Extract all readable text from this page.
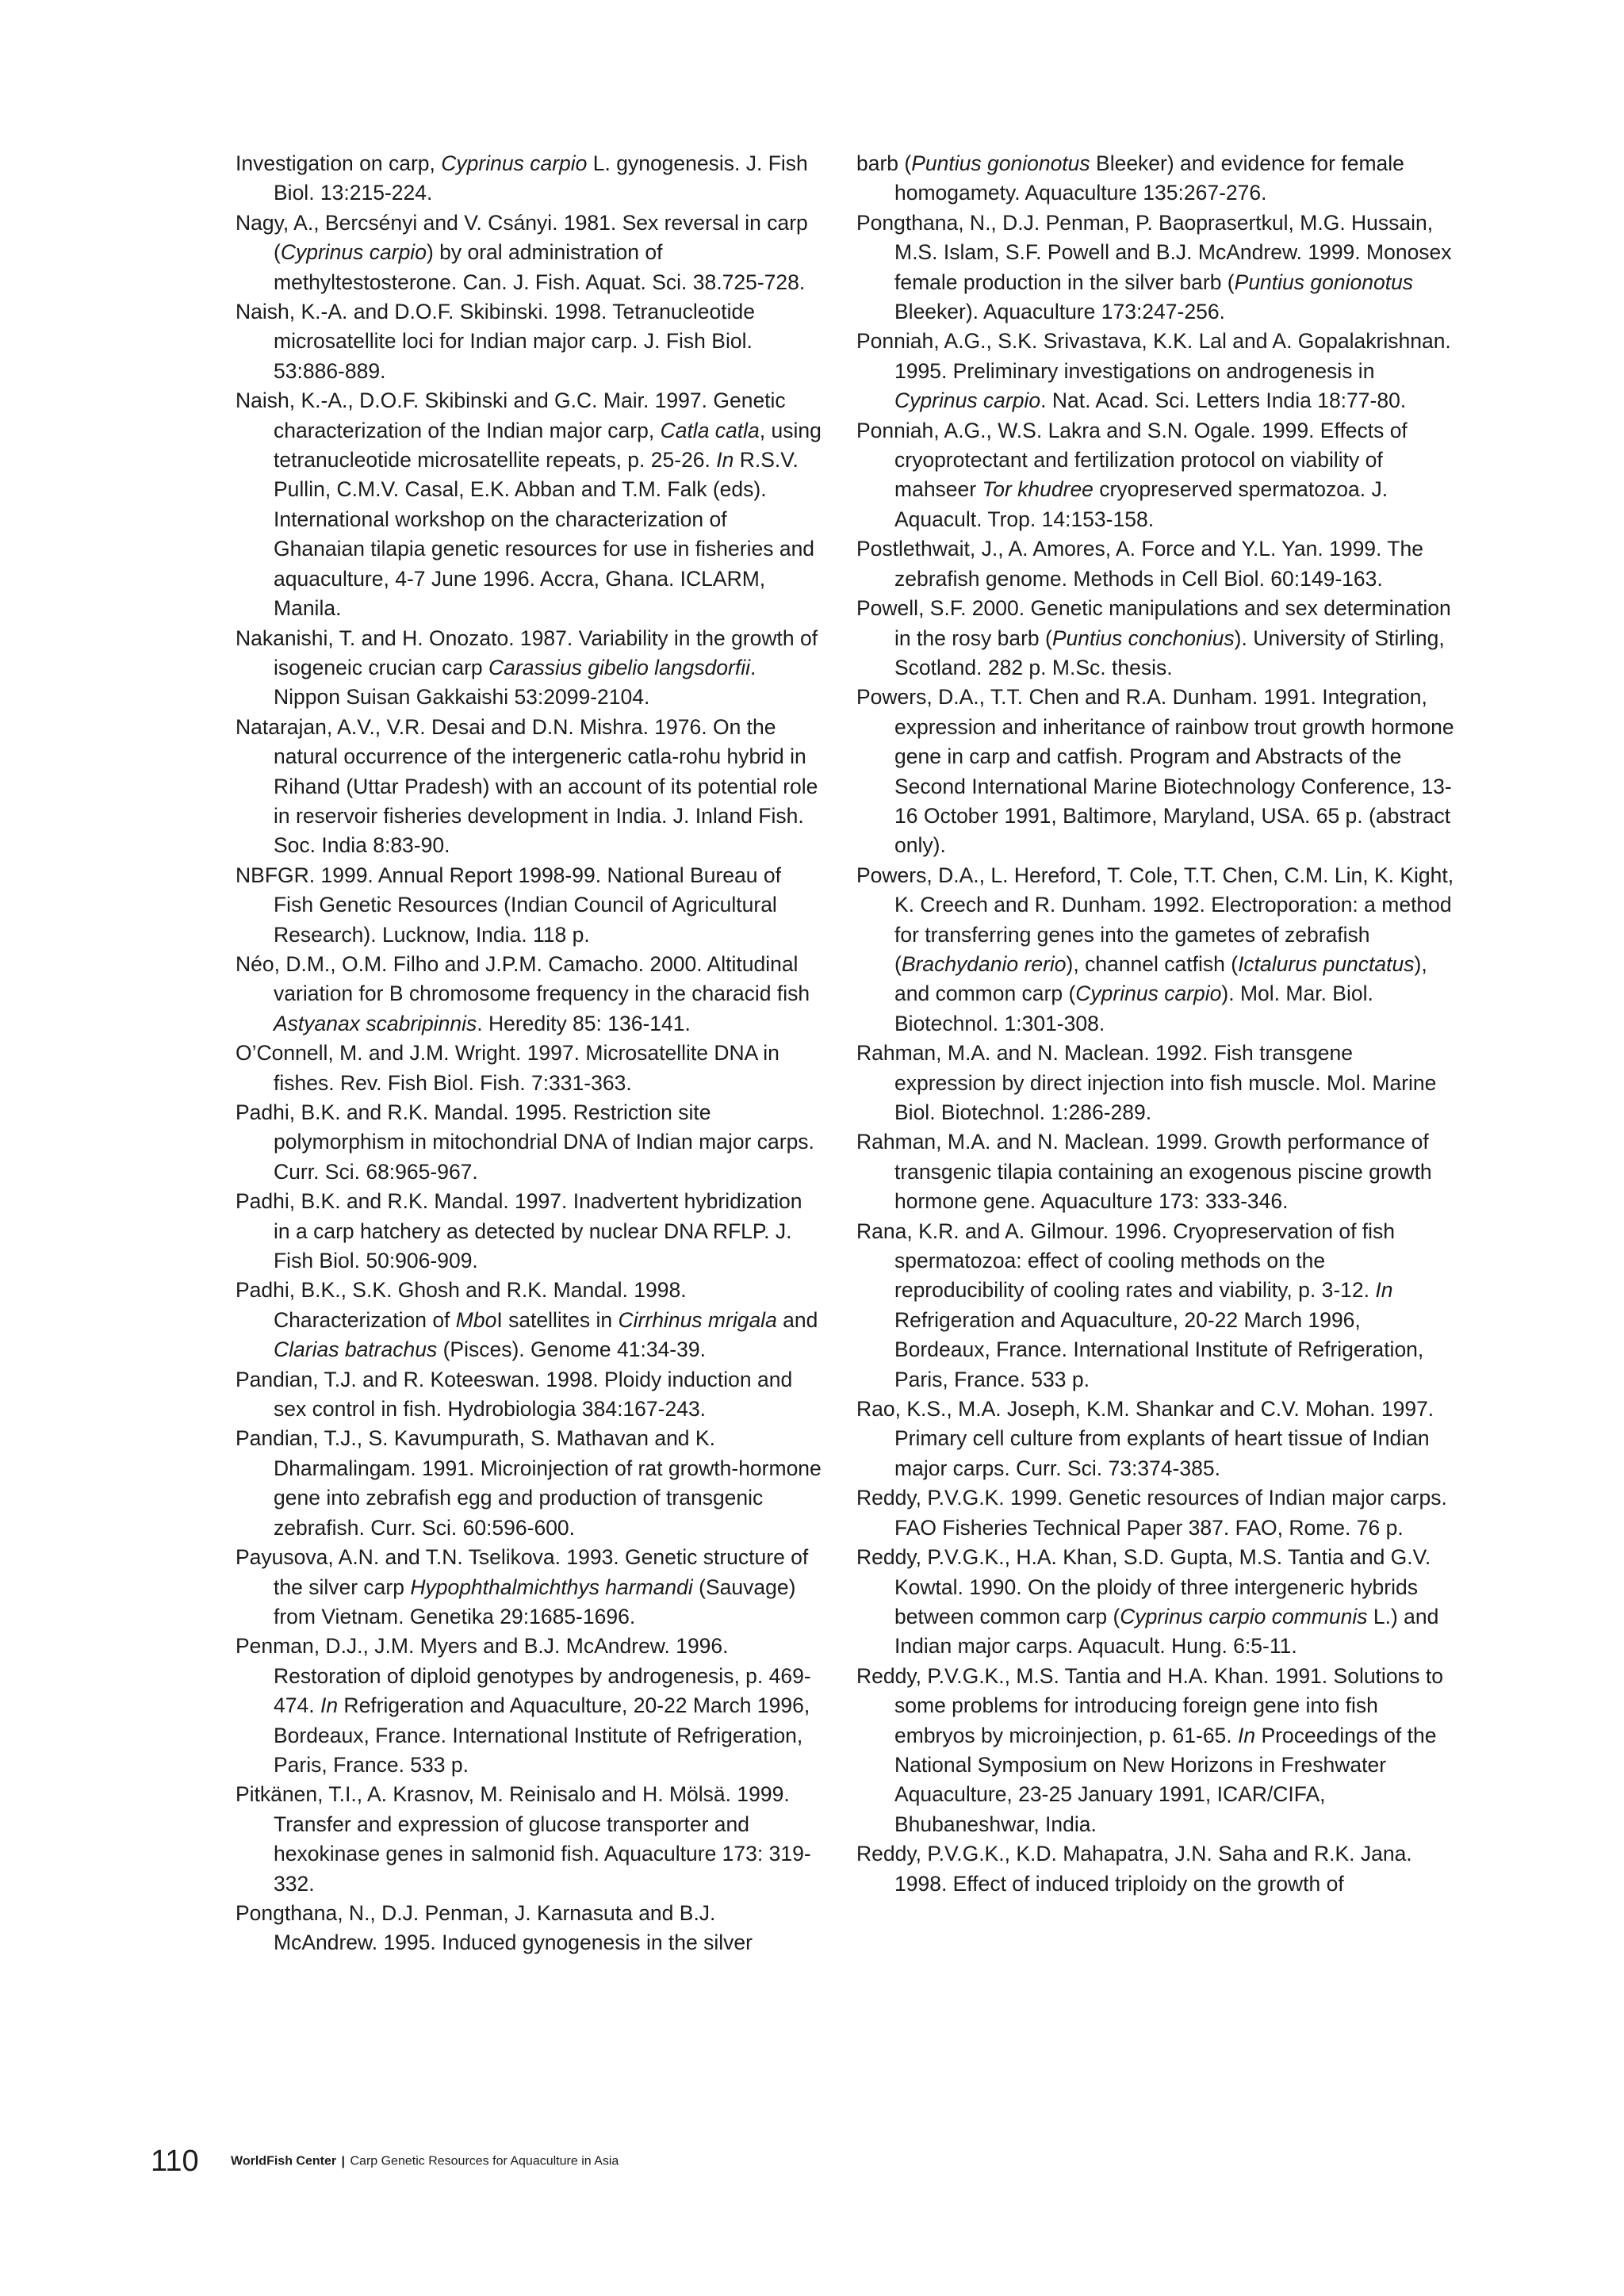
Investigation on carp, Cyprinus carpio L. gynogenesis. J. Fish Biol. 13:215-224.

Nagy, A., Bercsényi and V. Csányi. 1981. Sex reversal in carp (Cyprinus carpio) by oral administration of methyltestosterone. Can. J. Fish. Aquat. Sci. 38.725-728.

Naish, K.-A. and D.O.F. Skibinski. 1998. Tetranucleotide microsatellite loci for Indian major carp. J. Fish Biol. 53:886-889.

Naish, K.-A., D.O.F. Skibinski and G.C. Mair. 1997. Genetic characterization of the Indian major carp, Catla catla, using tetranucleotide microsatellite repeats, p. 25-26. In R.S.V. Pullin, C.M.V. Casal, E.K. Abban and T.M. Falk (eds). International workshop on the characterization of Ghanaian tilapia genetic resources for use in fisheries and aquaculture, 4-7 June 1996. Accra, Ghana. ICLARM, Manila.

Nakanishi, T. and H. Onozato. 1987. Variability in the growth of isogeneic crucian carp Carassius gibelio langsdorfii. Nippon Suisan Gakkaishi 53:2099-2104.

Natarajan, A.V., V.R. Desai and D.N. Mishra. 1976. On the natural occurrence of the intergeneric catla-rohu hybrid in Rihand (Uttar Pradesh) with an account of its potential role in reservoir fisheries development in India. J. Inland Fish. Soc. India 8:83-90.

NBFGR. 1999. Annual Report 1998-99. National Bureau of Fish Genetic Resources (Indian Council of Agricultural Research). Lucknow, India. 118 p.

Néo, D.M., O.M. Filho and J.P.M. Camacho. 2000. Altitudinal variation for B chromosome frequency in the characid fish Astyanax scabripinnis. Heredity 85: 136-141.

O’Connell, M. and J.M. Wright. 1997. Microsatellite DNA in fishes. Rev. Fish Biol. Fish. 7:331-363.

Padhi, B.K. and R.K. Mandal. 1995. Restriction site polymorphism in mitochondrial DNA of Indian major carps. Curr. Sci. 68:965-967.

Padhi, B.K. and R.K. Mandal. 1997. Inadvertent hybridization in a carp hatchery as detected by nuclear DNA RFLP. J. Fish Biol. 50:906-909.

Padhi, B.K., S.K. Ghosh and R.K. Mandal. 1998. Characterization of MboI satellites in Cirrhinus mrigala and Clarias batrachus (Pisces). Genome 41:34-39.

Pandian, T.J. and R. Koteeswan. 1998. Ploidy induction and sex control in fish. Hydrobiologia 384:167-243.

Pandian, T.J., S. Kavumpurath, S. Mathavan and K. Dharmalingam. 1991. Microinjection of rat growth-hormone gene into zebrafish egg and production of transgenic zebrafish. Curr. Sci. 60:596-600.

Payusova, A.N. and T.N. Tselikova. 1993. Genetic structure of the silver carp Hypophthalmichthys harmandi (Sauvage) from Vietnam. Genetika 29:1685-1696.

Penman, D.J., J.M. Myers and B.J. McAndrew. 1996. Restoration of diploid genotypes by androgenesis, p. 469-474. In Refrigeration and Aquaculture, 20-22 March 1996, Bordeaux, France. International Institute of Refrigeration, Paris, France. 533 p.

Pitkänen, T.I., A. Krasnov, M. Reinisalo and H. Mölsä. 1999. Transfer and expression of glucose transporter and hexokinase genes in salmonid fish. Aquaculture 173: 319-332.

Pongthana, N., D.J. Penman, J. Karnasuta and B.J. McAndrew. 1995. Induced gynogenesis in the silver

barb (Puntius gonionotus Bleeker) and evidence for female homogamety. Aquaculture 135:267-276.

Pongthana, N., D.J. Penman, P. Baoprasertkul, M.G. Hussain, M.S. Islam, S.F. Powell and B.J. McAndrew. 1999. Monosex female production in the silver barb (Puntius gonionotus Bleeker). Aquaculture 173:247-256.

Ponniah, A.G., S.K. Srivastava, K.K. Lal and A. Gopalakrishnan. 1995. Preliminary investigations on androgenesis in Cyprinus carpio. Nat. Acad. Sci. Letters India 18:77-80.

Ponniah, A.G., W.S. Lakra and S.N. Ogale. 1999. Effects of cryoprotectant and fertilization protocol on viability of mahseer Tor khudree cryopreserved spermatozoa. J. Aquacult. Trop. 14:153-158.

Postlethwait, J., A. Amores, A. Force and Y.L. Yan. 1999. The zebrafish genome. Methods in Cell Biol. 60:149-163.

Powell, S.F. 2000. Genetic manipulations and sex determination in the rosy barb (Puntius conchonius). University of Stirling, Scotland. 282 p. M.Sc. thesis.

Powers, D.A., T.T. Chen and R.A. Dunham. 1991. Integration, expression and inheritance of rainbow trout growth hormone gene in carp and catfish. Program and Abstracts of the Second International Marine Biotechnology Conference, 13-16 October 1991, Baltimore, Maryland, USA. 65 p. (abstract only).

Powers, D.A., L. Hereford, T. Cole, T.T. Chen, C.M. Lin, K. Kight, K. Creech and R. Dunham. 1992. Electroporation: a method for transferring genes into the gametes of zebrafish (Brachydanio rerio), channel catfish (Ictalurus punctatus), and common carp (Cyprinus carpio). Mol. Mar. Biol. Biotechnol. 1:301-308.

Rahman, M.A. and N. Maclean. 1992. Fish transgene expression by direct injection into fish muscle. Mol. Marine Biol. Biotechnol. 1:286-289.

Rahman, M.A. and N. Maclean. 1999. Growth performance of transgenic tilapia containing an exogenous piscine growth hormone gene. Aquaculture 173: 333-346.

Rana, K.R. and A. Gilmour. 1996. Cryopreservation of fish spermatozoa: effect of cooling methods on the reproducibility of cooling rates and viability, p. 3-12. In Refrigeration and Aquaculture, 20-22 March 1996, Bordeaux, France. International Institute of Refrigeration, Paris, France. 533 p.

Rao, K.S., M.A. Joseph, K.M. Shankar and C.V. Mohan. 1997. Primary cell culture from explants of heart tissue of Indian major carps. Curr. Sci. 73:374-385.

Reddy, P.V.G.K. 1999. Genetic resources of Indian major carps. FAO Fisheries Technical Paper 387. FAO, Rome. 76 p.

Reddy, P.V.G.K., H.A. Khan, S.D. Gupta, M.S. Tantia and G.V. Kowtal. 1990. On the ploidy of three intergeneric hybrids between common carp (Cyprinus carpio communis L.) and Indian major carps. Aquacult. Hung. 6:5-11.

Reddy, P.V.G.K., M.S. Tantia and H.A. Khan. 1991. Solutions to some problems for introducing foreign gene into fish embryos by microinjection, p. 61-65. In Proceedings of the National Symposium on New Horizons in Freshwater Aquaculture, 23-25 January 1991, ICAR/CIFA, Bhubaneshwar, India.

Reddy, P.V.G.K., K.D. Mahapatra, J.N. Saha and R.K. Jana. 1998. Effect of induced triploidy on the growth of

110	WorldFish Center | Carp Genetic Resources for Aquaculture in Asia
